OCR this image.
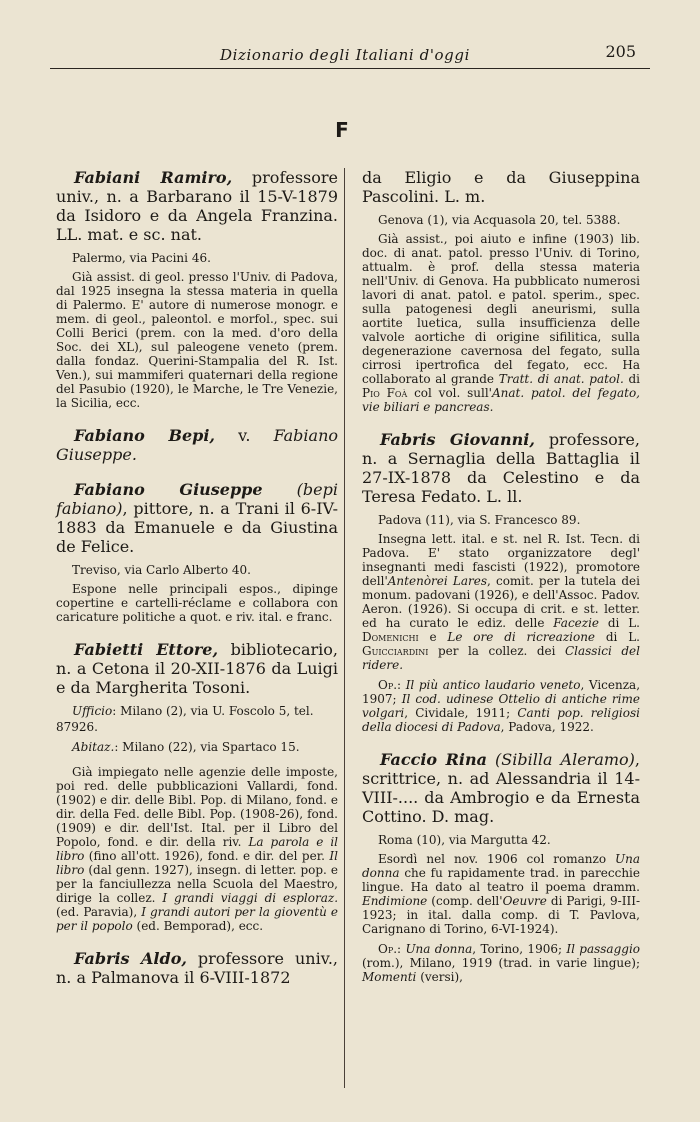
Dizionario degli Italiani d'oggi	205
F

Fabiani Ramiro, professore univ., n. a Barbarano il 15-V-1879 da Isidoro e da Angela Franzina. LL. mat. e sc. nat.

Palermo, via Pacini 46.

Già assist. di geol. presso l'Univ. di Padova, dal 1925 insegna la stessa materia in quella di Palermo. E' autore di numerose monogr. e mem. di geol., paleontol. e morfol., spec. sui Colli Berici (prem. con la med. d'oro della Soc. dei XL), sul paleogene veneto (prem. dalla fondaz. Querini-Stampalia del R. Ist. Ven.), sui mammiferi quaternari della regione del Pasubio (1920), le Marche, le Tre Venezie, la Sicilia, ecc.

Fabiano Bepi, v. Fabiano Giuseppe.

Fabiano Giuseppe (bepi fabiano), pittore, n. a Trani il 6-IV-1883 da Emanuele e da Giustina de Felice.

Treviso, via Carlo Alberto 40.

Espone nelle principali espos., dipinge copertine e cartelli-réclame e collabora con caricature politiche a quot. e riv. ital. e franc.

Fabietti Ettore, bibliotecario, n. a Cetona il 20-XII-1876 da Luigi e da Margherita Tosoni.

Ufficio: Milano (2), via U. Foscolo 5, tel. 87926.

Abitaz.: Milano (22), via Spartaco 15.

Già impiegato nelle agenzie delle imposte, poi red. delle pubblicazioni Vallardi, fond. (1902) e dir. delle Bibl. Pop. di Milano, fond. e dir. della Fed. delle Bibl. Pop. (1908-26), fond. (1909) e dir. dell'Ist. Ital. per il Libro del Popolo, fond. e dir. della riv. La parola e il libro (fino all'ott. 1926), fond. e dir. del per. Il libro (dal genn. 1927), insegn. di letter. pop. e per la fanciullezza nella Scuola del Maestro, dirige la collez. I grandi viaggi di esploraz. (ed. Paravia), I grandi autori per la gioventù e per il popolo (ed. Bemporad), ecc.

Fabris Aldo, professore univ., n. a Palmanova il 6-VIII-1872

da Eligio e da Giuseppina Pascolini. L. m.

Genova (1), via Acquasola 20, tel. 5388.

Già assist., poi aiuto e infine (1903) lib. doc. di anat. patol. presso l'Univ. di Torino, attualm. è prof. della stessa materia nell'Univ. di Genova. Ha pubblicato numerosi lavori di anat. patol. e patol. sperim., spec. sulla patogenesi degli aneurismi, sulla aortite luetica, sulla insufficienza delle valvole aortiche di origine sifilitica, sulla degenerazione cavernosa del fegato, sulla cirrosi ipertrofica del fegato, ecc. Ha collaborato al grande Tratt. di anat. patol. di Pio Foà col vol. sull'Anat. patol. del fegato, vie biliari e pancreas.

Fabris Giovanni, professore, n. a Sernaglia della Battaglia il 27-IX-1878 da Celestino e da Teresa Fedato. L. ll.

Padova (11), via S. Francesco 89.

Insegna lett. ital. e st. nel R. Ist. Tecn. di Padova. E' stato organizzatore degl' insegnanti medi fascisti (1922), promotore dell'Antenòrei Lares, comit. per la tutela dei monum. padovani (1926), e dell'Assoc. Padov. Aeron. (1926). Si occupa di crit. e st. letter. ed ha curato le ediz. delle Facezie di L. Domenichi e Le ore di ricreazione di L. Guicciardini per la collez. dei Classici del ridere.

Op.: Il più antico laudario veneto, Vicenza, 1907; Il cod. udinese Ottelio di antiche rime volgari, Cividale, 1911; Canti pop. religiosi della diocesi di Padova, Padova, 1922.

Faccio Rina (Sibilla Aleramo), scrittrice, n. ad Alessandria il 14-VIII-.... da Ambrogio e da Ernesta Cottino. D. mag.

Roma (10), via Margutta 42.

Esordì nel nov. 1906 col romanzo Una donna che fu rapidamente trad. in parecchie lingue. Ha dato al teatro il poema dramm. Endimione (comp. dell'Oeuvre di Parigi, 9-III-1923; in ital. dalla comp. di T. Pavlova, Carignano di Torino, 6-VI-1924).

Op.: Una donna, Torino, 1906; Il passaggio (rom.), Milano, 1919 (trad. in varie lingue); Momenti (versi),
